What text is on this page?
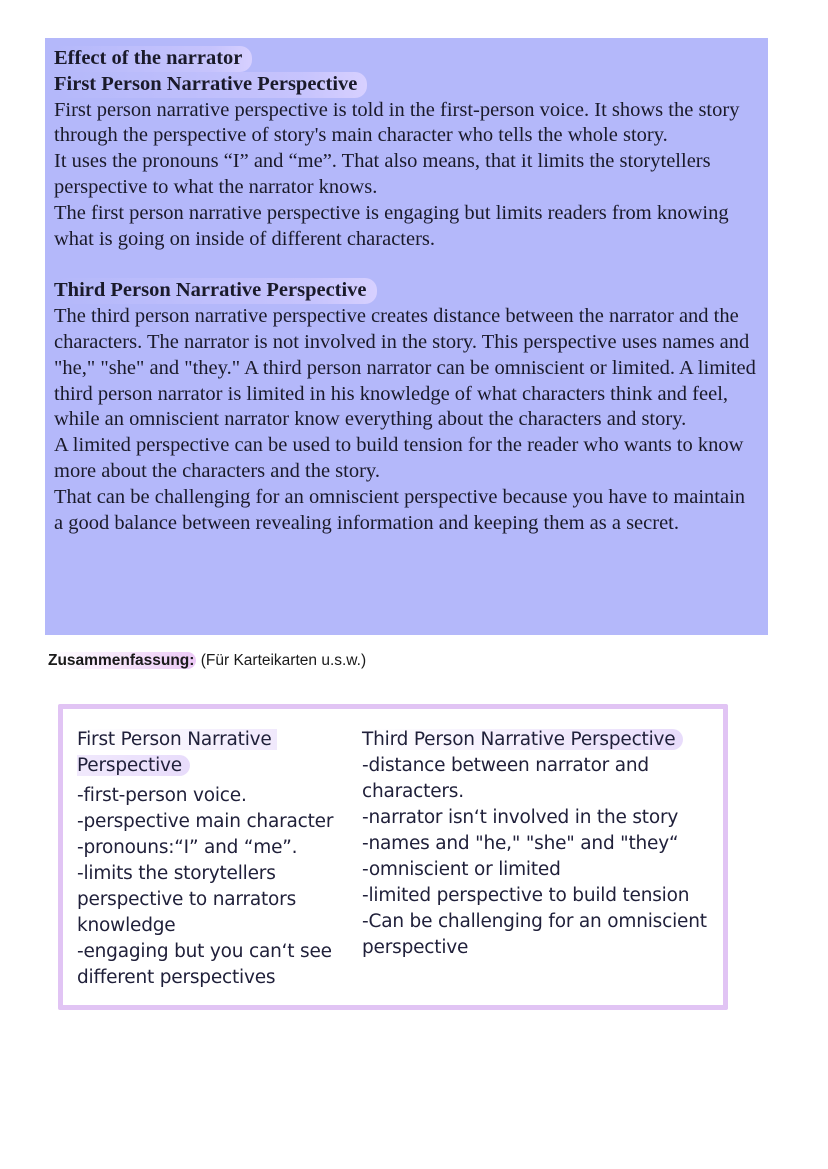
Effect of the narrator
First Person Narrative Perspective

First person narrative perspective is told in the first-person voice. It shows the story through the perspective of story's main character who tells the whole story.

It uses the pronouns “I” and “me”. That also means, that it limits the storytellers perspective to what the narrator knows.

The first person narrative perspective is engaging but limits readers from knowing what is going on inside of different characters.

Third Person Narrative Perspective

The third person narrative perspective creates distance between the narrator and the characters. The narrator is not involved in the story. This perspective uses names and "he," "she" and "they." A third person narrator can be omniscient or limited. A limited third person narrator is limited in his knowledge of what characters think and feel, while an omniscient narrator know everything about the characters and story.

A limited perspective can be used to build tension for the reader who wants to know more about the characters and the story.

That can be challenging for an omniscient perspective because you have to maintain a good balance between revealing information and keeping them as a secret.

Zusammenfassung: (Für Karteikarten u.s.w.)
First Person Narrative Perspective
-first-person voice.
-perspective main character
-pronouns:“I” and “me”.
-limits the storytellers perspective to narrators knowledge
-engaging but you can‘t see different perspectives
Third Person Narrative Perspective
-distance between narrator and characters.
-narrator isn‘t involved in the story
-names and "he," "she" and "they“
-omniscient or limited
-limited perspective to build tension
-Can be challenging for an omniscient perspective
